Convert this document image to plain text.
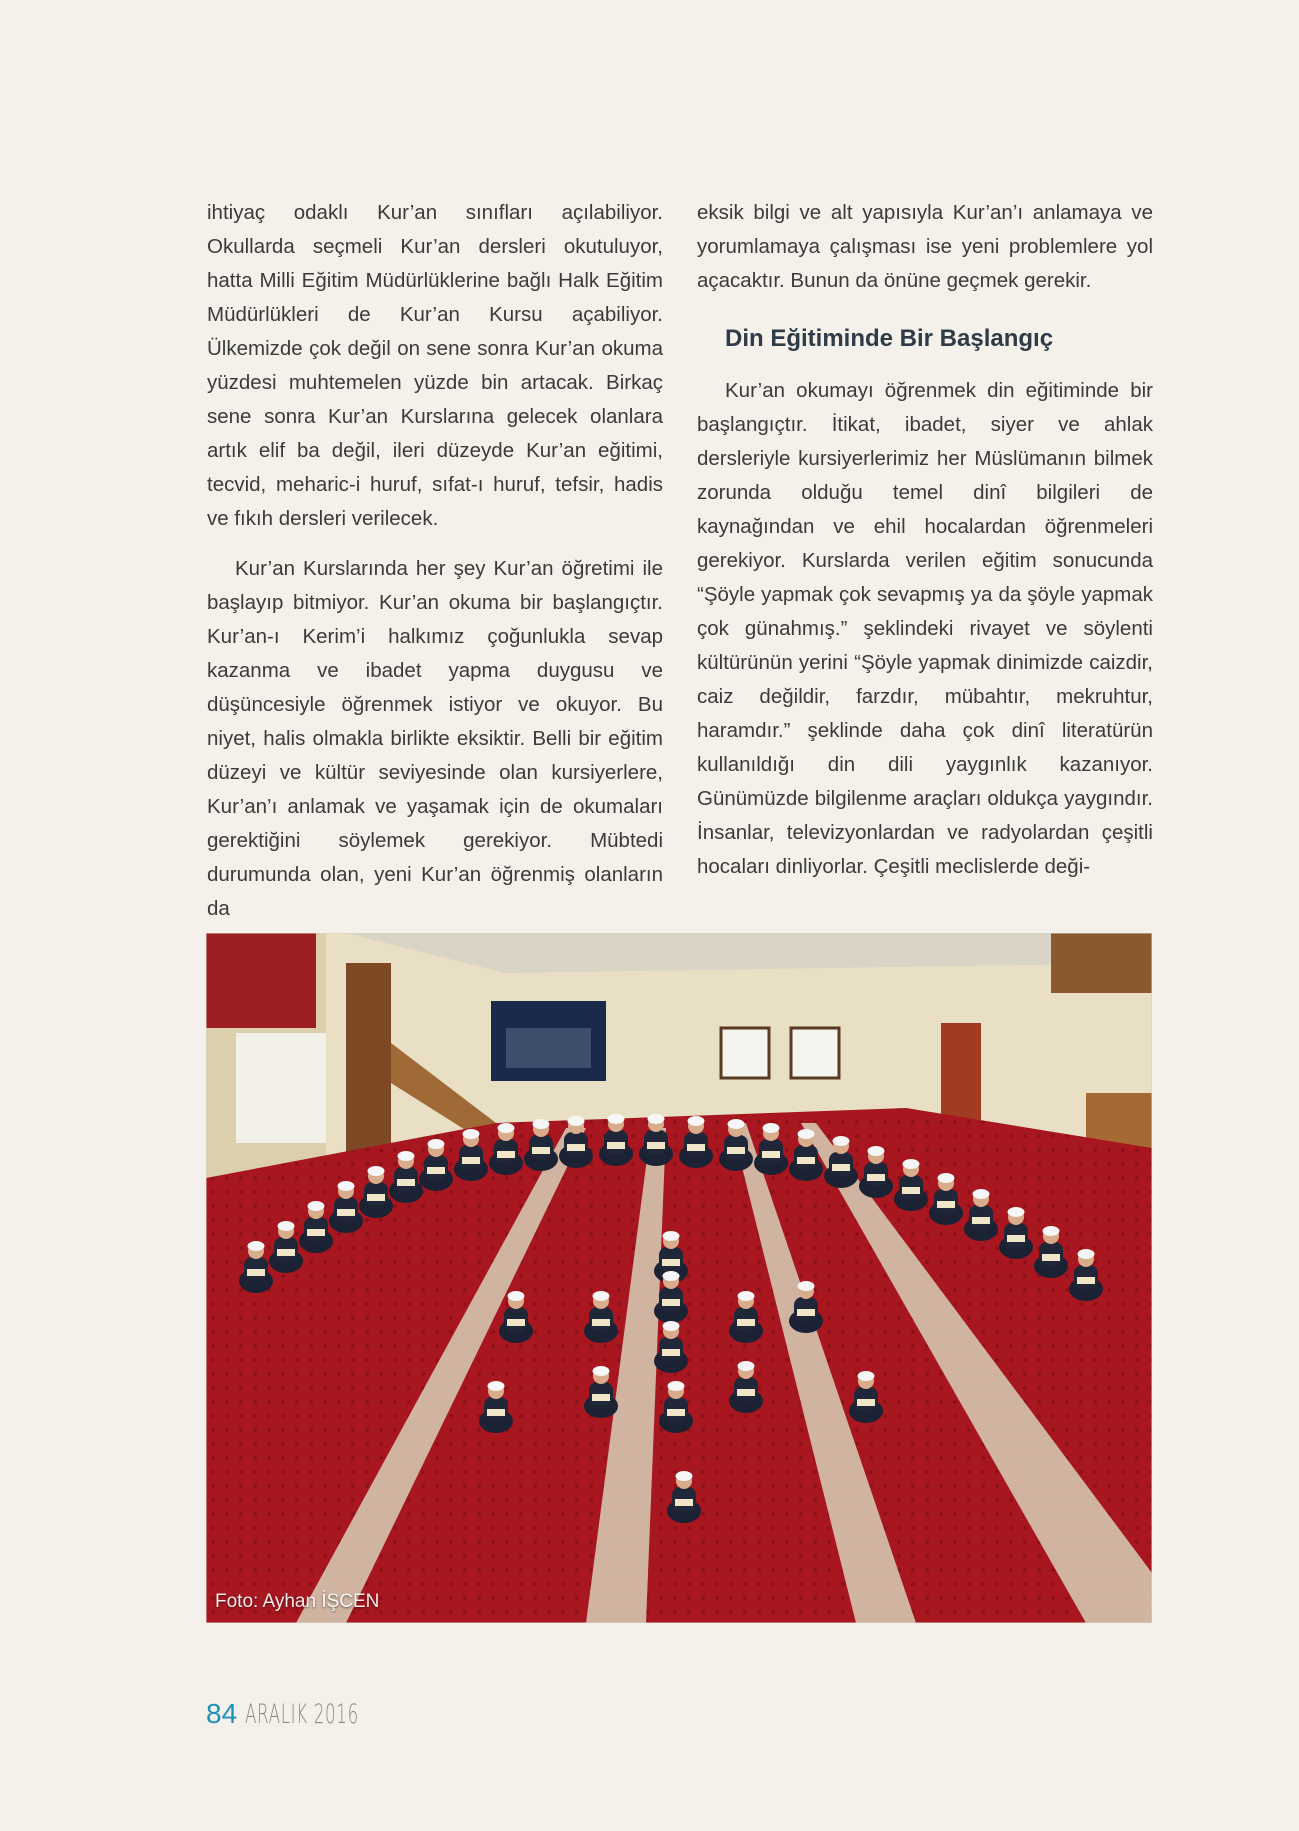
ihtiyaç odaklı Kur’an sınıfları açılabiliyor. Okullarda seçmeli Kur’an dersleri okutuluyor, hatta Milli Eğitim Müdürlüklerine bağlı Halk Eğitim Müdürlükleri de Kur’an Kursu açabiliyor. Ülkemizde çok değil on sene sonra Kur’an okuma yüzdesi muhtemelen yüzde bin artacak. Birkaç sene sonra Kur’an Kurslarına gelecek olanlara artık elif ba değil, ileri düzeyde Kur’an eğitimi, tecvid, meharic-i huruf, sıfat-ı huruf, tefsir, hadis ve fıkıh dersleri verilecek.

Kur’an Kurslarında her şey Kur’an öğretimi ile başlayıp bitmiyor. Kur’an okuma bir başlangıçtır. Kur’an-ı Kerim’i halkımız çoğunlukla sevap kazanma ve ibadet yapma duygusu ve düşüncesiyle öğrenmek istiyor ve okuyor. Bu niyet, halis olmakla birlikte eksiktir. Belli bir eğitim düzeyi ve kültür seviyesinde olan kursiyerlere, Kur’an’ı anlamak ve yaşamak için de okumaları gerektiğini söylemek gerekiyor. Mübtedi durumunda olan, yeni Kur’an öğrenmiş olanların da

eksik bilgi ve alt yapısıyla Kur’an’ı anlamaya ve yorumlamaya çalışması ise yeni problemlere yol açacaktır. Bunun da önüne geçmek gerekir.

Din Eğitiminde Bir Başlangıç

Kur’an okumayı öğrenmek din eğitiminde bir başlangıçtır. İtikat, ibadet, siyer ve ahlak dersleriyle kursiyerlerimiz her Müslümanın bilmek zorunda olduğu temel dinî bilgileri de kaynağından ve ehil hocalardan öğrenmeleri gerekiyor. Kurslarda verilen eğitim sonucunda “Şöyle yapmak çok sevapmış ya da şöyle yapmak çok günahmış.” şeklindeki rivayet ve söylenti kültürünün yerini “Şöyle yapmak dinimizde caizdir, caiz değildir, farzdır, mübahtır, mekruhtur, haramdır.” şeklinde daha çok dinî literatürün kullanıldığı din dili yaygınlık kazanıyor. Günümüzde bilgilenme araçları oldukça yaygındır. İnsanlar, televizyonlardan ve radyolardan çeşitli hocaları dinliyorlar. Çeşitli meclislerde deği-

Foto: Ayhan İŞCEN
84 ARALIK 2016
